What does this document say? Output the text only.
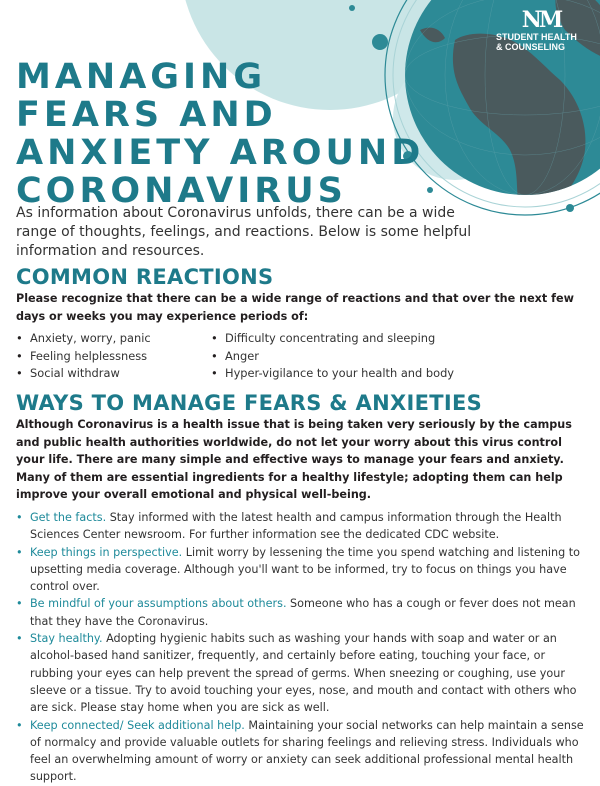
NM
STUDENT HEALTH
& COUNSELING
MANAGING
FEARS AND
ANXIETY AROUND
CORONAVIRUS

As information about Coronavirus unfolds, there can be a wide range of thoughts, feelings, and reactions. Below is some helpful information and resources.

COMMON REACTIONS

Please recognize that there can be a wide range of reactions and that over the next few days or weeks you may experience periods of:

• Anxiety, worry, panic
• Feeling helplessness
• Social withdraw
• Difficulty concentrating and sleeping
• Anger
• Hyper-vigilance to your health and body
WAYS TO MANAGE FEARS & ANXIETIES

Although Coronavirus is a health issue that is being taken very seriously by the campus and public health authorities worldwide, do not let your worry about this virus control your life. There are many simple and effective ways to manage your fears and anxiety. Many of them are essential ingredients for a healthy lifestyle; adopting them can help improve your overall emotional and physical well-being.

• Get the facts. Stay informed with the latest health and campus information through the Health Sciences Center newsroom. For further information see the dedicated CDC website.
• Keep things in perspective. Limit worry by lessening the time you spend watching and listening to upsetting media coverage. Although you'll want to be informed, try to focus on things you have control over.
• Be mindful of your assumptions about others. Someone who has a cough or fever does not mean that they have the Coronavirus.
• Stay healthy. Adopting hygienic habits such as washing your hands with soap and water or an alcohol-based hand sanitizer, frequently, and certainly before eating, touching your face, or rubbing your eyes can help prevent the spread of germs. When sneezing or coughing, use your sleeve or a tissue. Try to avoid touching your eyes, nose, and mouth and contact with others who are sick. Please stay home when you are sick as well.
• Keep connected/ Seek additional help. Maintaining your social networks can help maintain a sense of normalcy and provide valuable outlets for sharing feelings and relieving stress. Individuals who feel an overwhelming amount of worry or anxiety can seek additional professional mental health support.
